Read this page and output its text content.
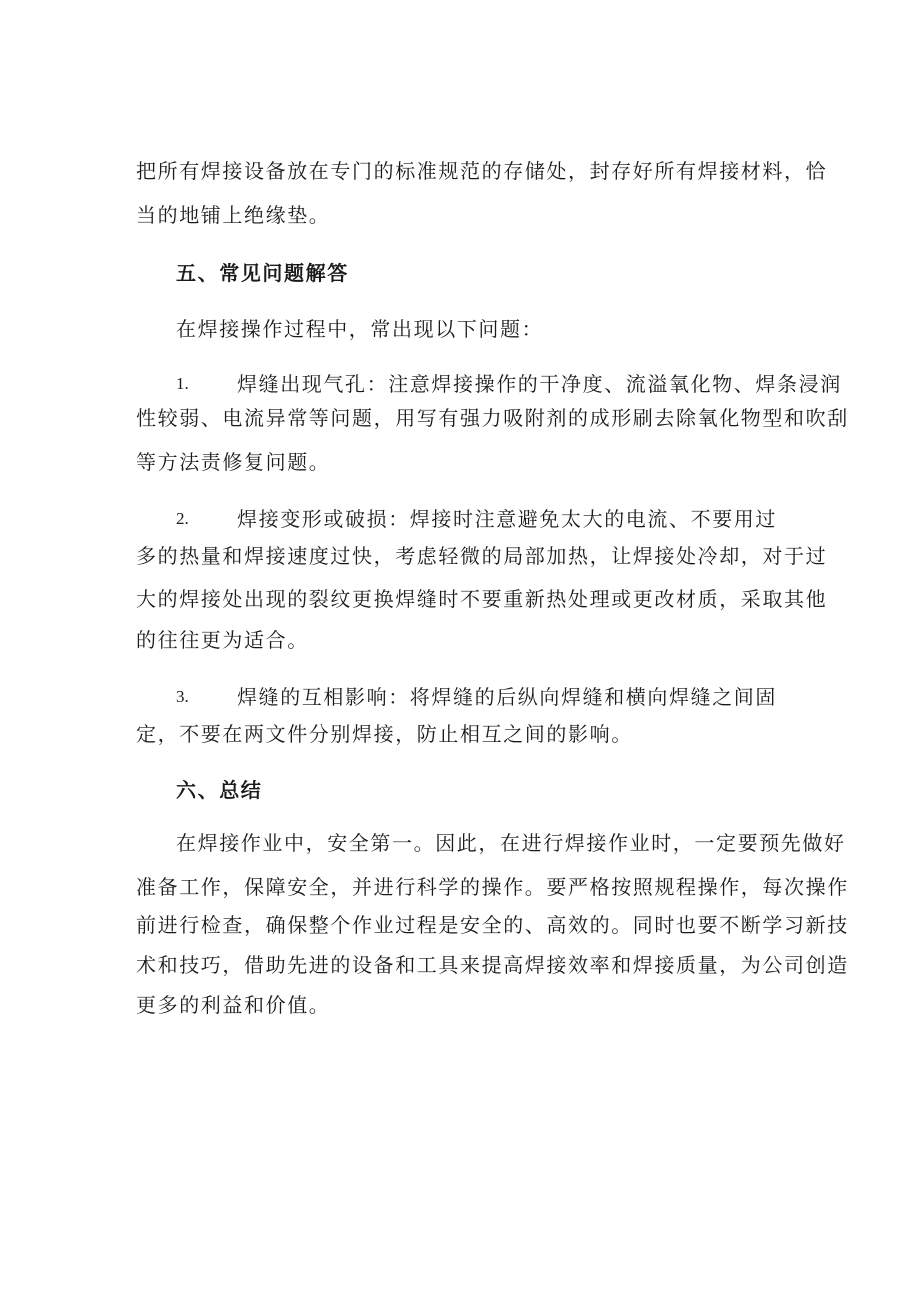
把所有焊接设备放在专门的标准规范的存储处，封存好所有焊接材料，恰
当的地铺上绝缘垫。
五、常见问题解答
在焊接操作过程中，常出现以下问题：
1. 焊缝出现气孔：注意焊接操作的干净度、流溢氧化物、焊条浸润
性较弱、电流异常等问题，用写有强力吸附剂的成形刷去除氧化物型和吹刮
等方法责修复问题。
2. 焊接变形或破损：焊接时注意避免太大的电流、不要用过
多的热量和焊接速度过快，考虑轻微的局部加热，让焊接处冷却，对于过
大的焊接处出现的裂纹更换焊缝时不要重新热处理或更改材质，采取其他
的往往更为适合。
3. 焊缝的互相影响：将焊缝的后纵向焊缝和横向焊缝之间固
定，不要在两文件分别焊接，防止相互之间的影响。
六、总结
在焊接作业中，安全第一。因此，在进行焊接作业时，一定要预先做好
准备工作，保障安全，并进行科学的操作。要严格按照规程操作，每次操作
前进行检查，确保整个作业过程是安全的、高效的。同时也要不断学习新技
术和技巧，借助先进的设备和工具来提高焊接效率和焊接质量，为公司创造
更多的利益和价值。
